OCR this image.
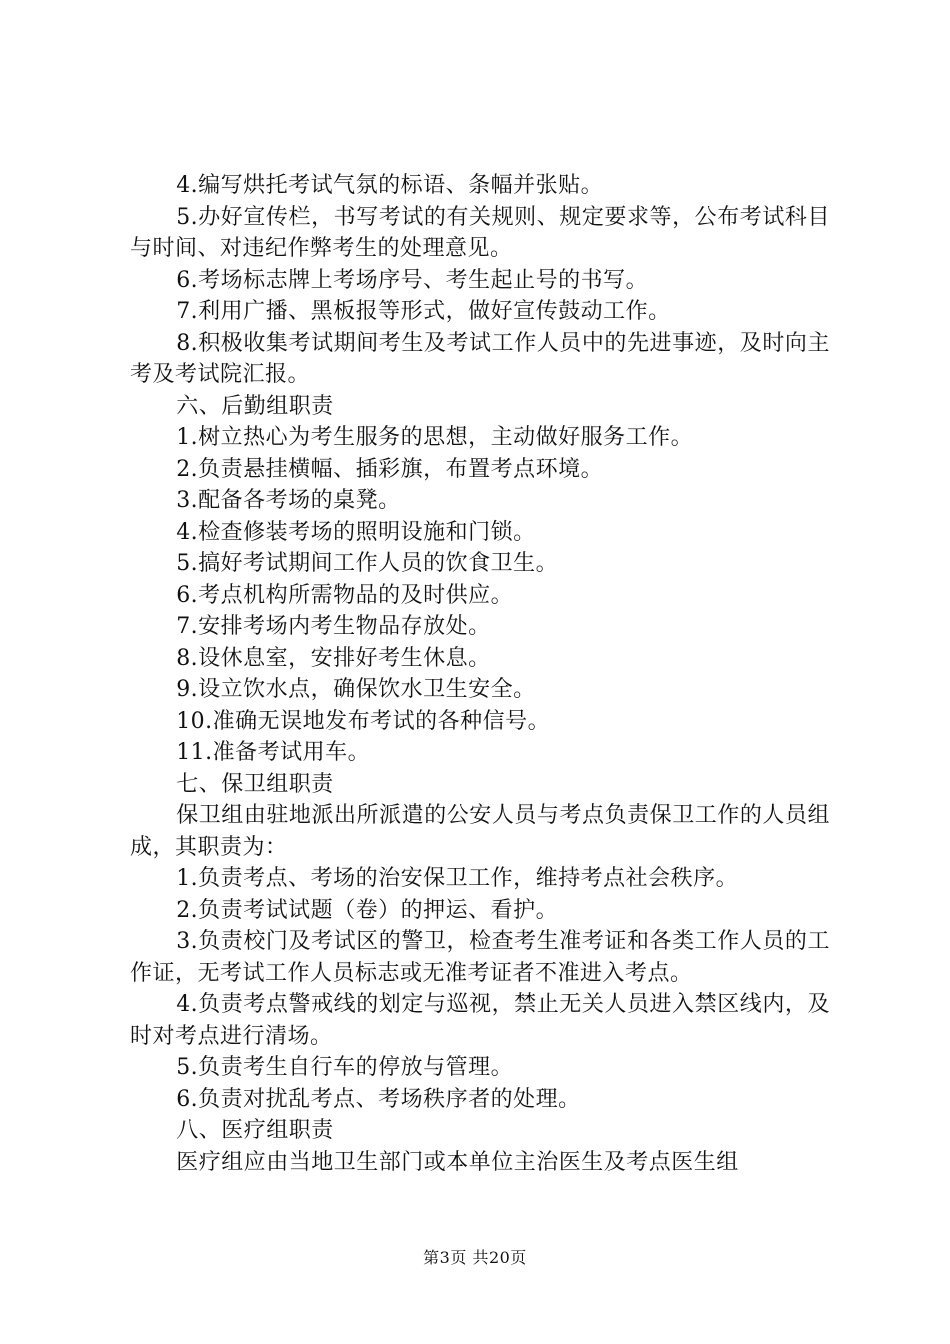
4.编写烘托考试气氛的标语、条幅并张贴。

5.办好宣传栏，书写考试的有关规则、规定要求等，公布考试科目与时间、对违纪作弊考生的处理意见。

6.考场标志牌上考场序号、考生起止号的书写。

7.利用广播、黑板报等形式，做好宣传鼓动工作。

8.积极收集考试期间考生及考试工作人员中的先进事迹，及时向主考及考试院汇报。

六、后勤组职责

1.树立热心为考生服务的思想，主动做好服务工作。

2.负责悬挂横幅、插彩旗，布置考点环境。

3.配备各考场的桌凳。

4.检查修装考场的照明设施和门锁。

5.搞好考试期间工作人员的饮食卫生。

6.考点机构所需物品的及时供应。

7.安排考场内考生物品存放处。

8.设休息室，安排好考生休息。

9.设立饮水点，确保饮水卫生安全。

10.准确无误地发布考试的各种信号。

11.准备考试用车。

七、保卫组职责

保卫组由驻地派出所派遣的公安人员与考点负责保卫工作的人员组成，其职责为：

1.负责考点、考场的治安保卫工作，维持考点社会秩序。

2.负责考试试题（卷）的押运、看护。

3.负责校门及考试区的警卫，检查考生准考证和各类工作人员的工作证，无考试工作人员标志或无准考证者不准进入考点。

4.负责考点警戒线的划定与巡视，禁止无关人员进入禁区线内，及时对考点进行清场。

5.负责考生自行车的停放与管理。

6.负责对扰乱考点、考场秩序者的处理。

八、医疗组职责

医疗组应由当地卫生部门或本单位主治医生及考点医生组

第3页 共20页
